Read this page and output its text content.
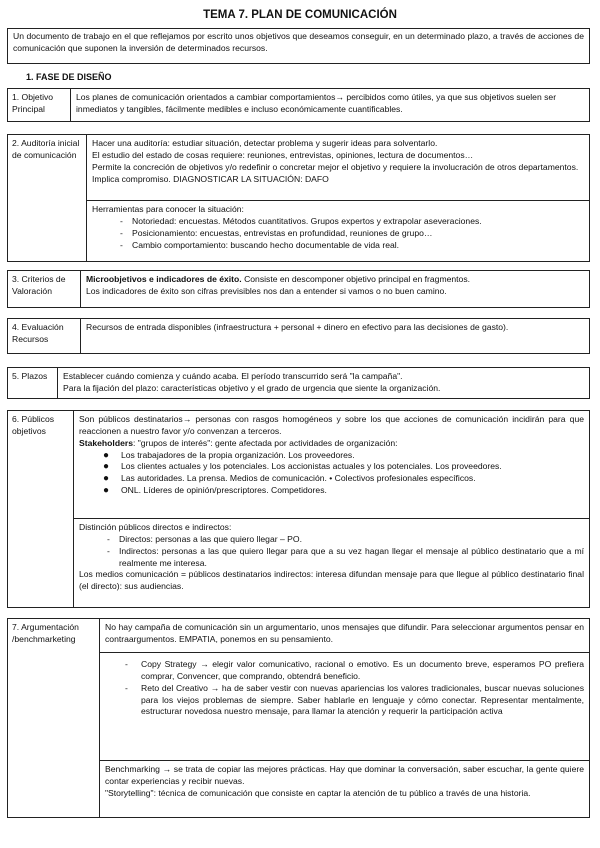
TEMA 7. PLAN DE COMUNICACIÓN
Un documento de trabajo en el que reflejamos por escrito unos objetivos que deseamos conseguir, en un determinado plazo, a través de acciones de comunicación que suponen la inversión de determinados recursos.
1. FASE DE DISEÑO
1. Objetivo Principal
Los planes de comunicación orientados a cambiar comportamientos→ percibidos como útiles, ya que sus objetivos suelen ser inmediatos y tangibles, fácilmente medibles e incluso económicamente cuantificables.
2. Auditoría inicial de comunicación
Hacer una auditoría: estudiar situación, detectar problema y sugerir ideas para solventarlo.
El estudio del estado de cosas requiere: reuniones, entrevistas, opiniones, lectura de documentos…
Permite la concreción de objetivos y/o redefinir o concretar mejor el objetivo y requiere la involucración de otros departamentos. Implica compromiso. DIAGNOSTICAR LA SITUACIÓN: DAFO
Herramientas para conocer la situación:
- Notoriedad: encuestas. Métodos cuantitativos. Grupos expertos y extrapolar aseveraciones.
- Posicionamiento: encuestas, entrevistas en profundidad, reuniones de grupo…
- Cambio comportamiento: buscando hecho documentable de vida real.
3. Criterios de Valoración
Microobjetivos e indicadores de éxito. Consiste en descomponer objetivo principal en fragmentos.
Los indicadores de éxito son cifras previsibles nos dan a entender si vamos o no buen camino.
4. Evaluación Recursos
Recursos de entrada disponibles (infraestructura + personal + dinero en efectivo para las decisiones de gasto).
5. Plazos	Establecer cuándo comienza y cuándo acaba. El período transcurrido será "la campaña".
Para la fijación del plazo: características objetivo y el grado de urgencia que siente la organización.
6. Públicos objetivos
Son públicos destinatarios→ personas con rasgos homogéneos y sobre los que acciones de comunicación incidirán para que reaccionen a nuestro favor y/o convenzan a terceros.
Stakeholders: "grupos de interés": gente afectada por actividades de organización:
● Los trabajadores de la propia organización. Los proveedores.
● Los clientes actuales y los potenciales. Los accionistas actuales y los potenciales. Los proveedores.
● Las autoridades. La prensa. Medios de comunicación. • Colectivos profesionales específicos.
● ONL. Líderes de opinión/prescriptores. Competidores.
Distinción públicos directos e indirectos:
- Directos: personas a las que quiero llegar – PO.
- Indirectos: personas a las que quiero llegar para que a su vez hagan llegar el mensaje al público destinatario que a mí realmente me interesa.
Los medios comunicación = públicos destinatarios indirectos: interesa difundan mensaje para que llegue al público destinatario final (el directo): sus audiencias.
7. Argumentación /benchmarketing
No hay campaña de comunicación sin un argumentario, unos mensajes que difundir. Para seleccionar argumentos pensar en contraargumentos. EMPATIA, ponemos en su pensamiento.
- Copy Strategy → elegir valor comunicativo, racional o emotivo. Es un documento breve, esperamos PO prefiera comprar, Convencer, que comprando, obtendrá beneficio.
- Reto del Creativo → ha de saber vestir con nuevas apariencias los valores tradicionales, buscar nuevas soluciones para los viejos problemas de siempre. Saber hablarle en lenguaje y cómo conectar. Representar mentalmente, estructurar novedosa nuestro mensaje, para llamar la atención y requerir la participación activa
Benchmarking → se trata de copiar las mejores prácticas. Hay que dominar la conversación, saber escuchar, la gente quiere contar experiencias y recibir nuevas.
"Storytelling": técnica de comunicación que consiste en captar la atención de tu público a través de una historia.
